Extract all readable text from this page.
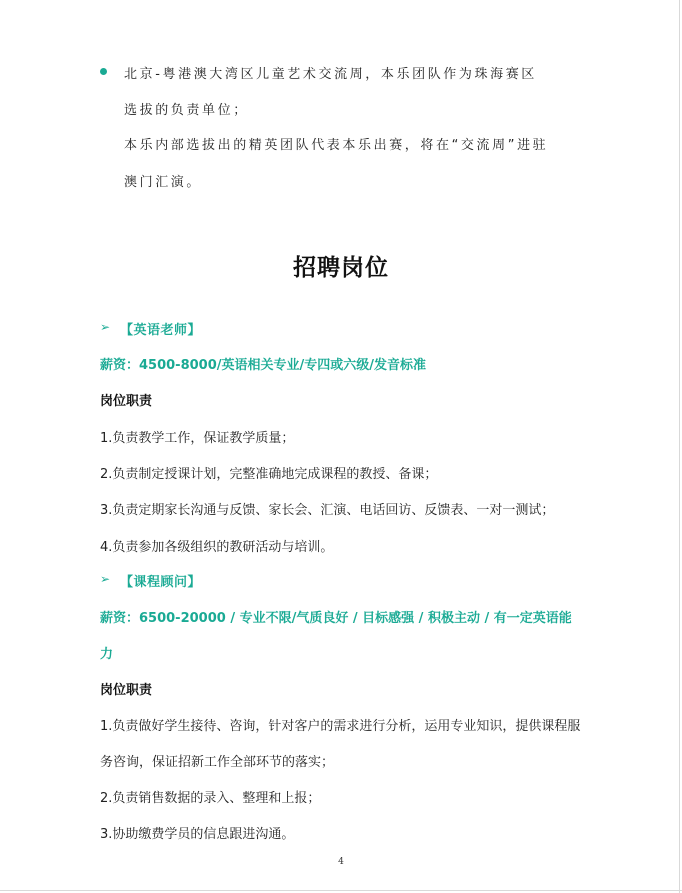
北京-粤港澳大湾区儿童艺术交流周，本乐团队作为珠海赛区
选拔的负责单位；
本乐内部选拔出的精英团队代表本乐出赛，将在“交流周”进驻
澳门汇演。
招聘岗位
➢ 【英语老师】
薪资：4500-8000/英语相关专业/专四或六级/发音标准
岗位职责
1.负责教学工作，保证教学质量；
2.负责制定授课计划，完整准确地完成课程的教授、备课；
3.负责定期家长沟通与反馈、家长会、汇演、电话回访、反馈表、一对一测试；
4.负责参加各级组织的教研活动与培训。
➢ 【课程顾问】
薪资：6500-20000 / 专业不限/气质良好 / 目标感强 / 积极主动 / 有一定英语能
力
岗位职责
1.负责做好学生接待、咨询，针对客户的需求进行分析，运用专业知识，提供课程服
务咨询，保证招新工作全部环节的落实；
2.负责销售数据的录入、整理和上报；
3.协助缴费学员的信息跟进沟通。
4
